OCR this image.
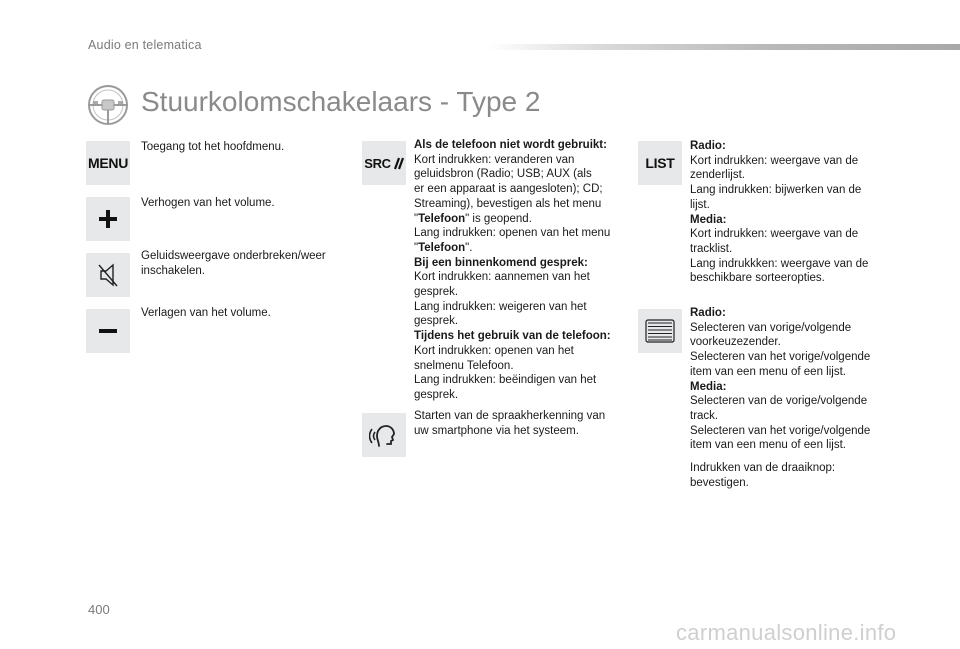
Audio en telematica
Stuurkolomschakelaars - Type 2
MENU
Toegang tot het hoofdmenu.
Verhogen van het volume.
Geluidsweergave onderbreken/weer
inschakelen.
Verlagen van het volume.
SRC
Als de telefoon niet wordt gebruikt:
Kort indrukken: veranderen van
geluidsbron (Radio; USB; AUX (als
er een apparaat is aangesloten); CD;
Streaming), bevestigen als het menu
"Telefoon" is geopend.
Lang indrukken: openen van het menu
"Telefoon".
Bij een binnenkomend gesprek:
Kort indrukken: aannemen van het
gesprek.
Lang indrukken: weigeren van het
gesprek.
Tijdens het gebruik van de telefoon:
Kort indrukken: openen van het
snelmenu Telefoon.
Lang indrukken: beëindigen van het
gesprek.
Starten van de spraakherkenning van
uw smartphone via het systeem.
LIST
Radio:
Kort indrukken: weergave van de
zenderlijst.
Lang indrukken: bijwerken van de
lijst.
Media:
Kort indrukken: weergave van de
tracklist.
Lang indrukkken: weergave van de
beschikbare sorteeropties.
Radio:
Selecteren van vorige/volgende
voorkeuzezender.
Selecteren van het vorige/volgende
item van een menu of een lijst.
Media:
Selecteren van de vorige/volgende
track.
Selecteren van het vorige/volgende
item van een menu of een lijst.
Indrukken van de draaiknop:
bevestigen.
400
carmanualsonline.info
